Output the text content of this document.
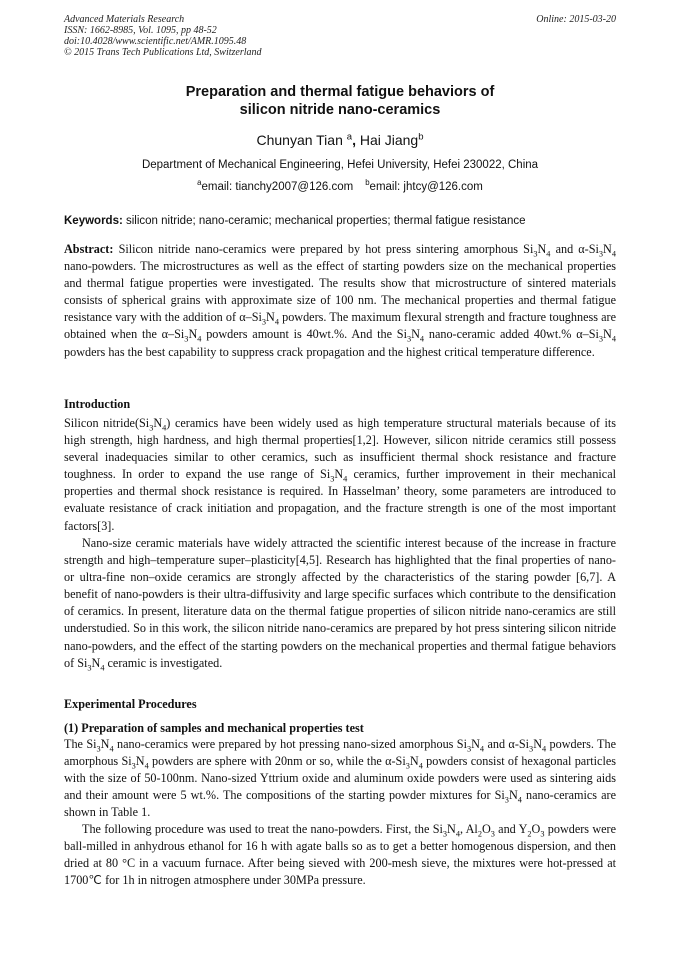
Advanced Materials Research
ISSN: 1662-8985, Vol. 1095, pp 48-52
doi:10.4028/www.scientific.net/AMR.1095.48
© 2015 Trans Tech Publications Ltd, Switzerland
Online: 2015-03-20
Preparation and thermal fatigue behaviors of
silicon nitride nano-ceramics
Chunyan Tian $^a$, Hai Jiang$^b$
Department of Mechanical Engineering, Hefei University, Hefei 230022, China
$^a$email: tianchy2007@126.com $^b$email: jhtcy@126.com
Keywords: silicon nitride; nano-ceramic; mechanical properties; thermal fatigue resistance

Abstract: Silicon nitride nano-ceramics were prepared by hot press sintering amorphous $Si_3N_4$ and $\alpha-Si_3N_4$ nano-powders. The microstructures as well as the effect of starting powders size on the mechanical properties and thermal fatigue properties were investigated. The results show that microstructure of sintered materials consists of spherical grains with approximate size of 100 nm. The mechanical properties and thermal fatigue resistance vary with the addition of $\alpha-Si_3N_4$ powders. The maximum flexural strength and fracture toughness are obtained when the $\alpha-Si_3N_4$ powders amount is 40wt.%. And the $Si_3N_4$ nano-ceramic added 40wt.% $\alpha-Si_3N_4$ powders has the best capability to suppress crack propagation and the highest critical temperature difference.

Introduction

Silicon $nitride(Si_3N_4)$ ceramics have been widely used as high temperature structural materials because of its high strength, high hardness, and high thermal properties[1,2]. However, silicon nitride ceramics still possess several inadequacies similar to other ceramics, such as insufficient thermal shock resistance and fracture toughness. In order to expand the use range of $Si_3N_4$ ceramics, further improvement in their mechanical properties and thermal shock resistance is required. In Hasselman’ theory, some parameters are introduced to evaluate resistance of crack initiation and propagation, and the fracture strength is one of the most important factors[3].

Nano-size ceramic materials have widely attracted the scientific interest because of the increase in fracture strength and high–temperature super–plasticity[4,5]. Research has highlighted that the final properties of nano- or ultra-fine non–oxide ceramics are strongly affected by the characteristics of the staring powder [6,7]. A benefit of nano-powders is their ultra-diffusivity and large specific surfaces which contribute to the densification of ceramics. In present, literature data on the thermal fatigue properties of silicon nitride nano-ceramics are still understudied. So in this work, the silicon nitride nano-ceramics are prepared by hot press sintering silicon nitride nano-powders, and the effect of the starting powders on the mechanical properties and thermal fatigue behaviors of $Si_3N_4$ ceramic is investigated.

Experimental Procedures
(1) Preparation of samples and mechanical properties test

The $Si_3N_4$ nano-ceramics were prepared by hot pressing nano-sized amorphous $Si_3N_4$ and $\alpha-Si_3N_4$ powders. The amorphous $Si_3N_4$ powders are sphere with 20nm or so, while the $\alpha-Si_3N_4$ powders consist of hexagonal particles with the size of 50-100nm. Nano-sized Yttrium oxide and aluminum oxide powders were used as sintering aids and their amount were 5 wt.%. The compositions of the starting powder mixtures for $Si_3N_4$ nano-ceramics are shown in Table 1.

The following procedure was used to treat the nano-powders. First, the $Si_3N_4$, $Al_2O_3$ and $Y_2O_3$ powders were ball-milled in anhydrous ethanol for 16 h with agate balls so as to get a better homogenous dispersion, and then dried at 80 °C in a vacuum furnace. After being sieved with 200-mesh sieve, the mixtures were hot-pressed at 1700℃ for 1h in nitrogen atmosphere under 30MPa pressure.
